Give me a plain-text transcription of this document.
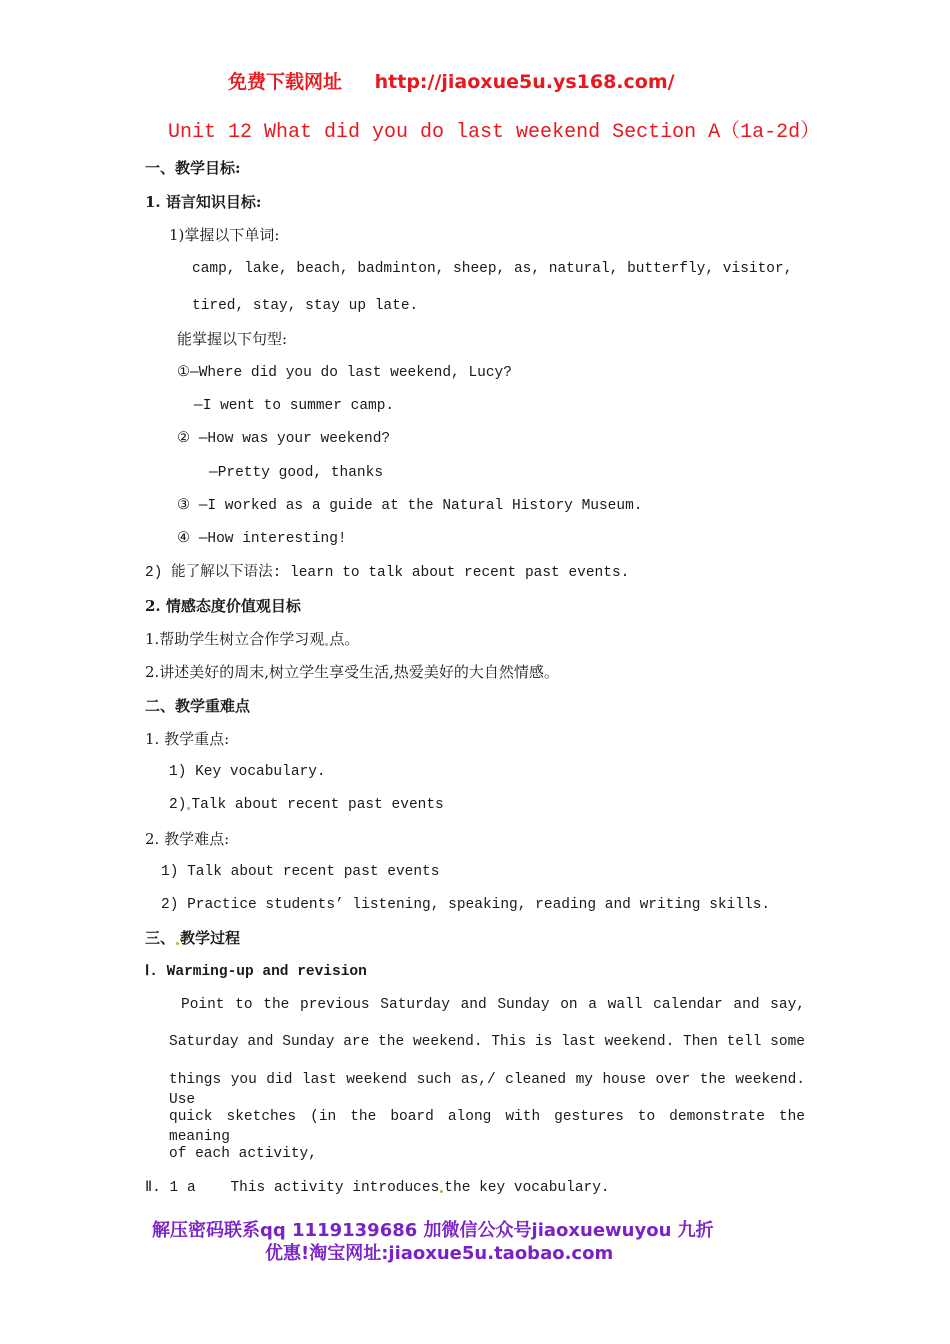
免费下载网址 http://jiaoxue5u.ys168.com/
Unit 12 What did you do last weekend Section A（1a-2d）
一、教学目标:
1. 语言知识目标:
1)掌握以下单词:
camp, lake, beach, badminton, sheep, as, natural, butterfly, visitor,
tired, stay, stay up late.
能掌握以下句型:
①—Where did you do last weekend, Lucy?
—I went to summer camp.
② —How was your weekend?
—Pretty good, thanks
③ —I worked as a guide at the Natural History Museum.
④ —How interesting!
2) 能了解以下语法: learn to talk about recent past events.
2. 情感态度价值观目标
1.帮助学生树立合作学习观 点。
2.讲述美好的周末,树立学生享受生活,热爱美好的大自然情感。
二、教学重难点
1. 教学重点:
1) Key vocabulary.
2) Talk about recent past events
2. 教学难点:
1) Talk about recent past events
2) Practice students’ listening, speaking, reading and writing skills.
三、 教学过程
Ⅰ. Warming-up and revision
Point to the previous Saturday and Sunday on a wall calendar and say,
Saturday and Sunday are the weekend. This is last weekend. Then tell some
things you did last weekend such as,/ cleaned my house over the weekend. Use
quick sketches (in the board along with gestures to demonstrate the meaning
of each activity,
Ⅱ. 1 a    This activity introduces the key vocabulary.
解压密码联系qq 1119139686 加微信公众号jiaoxuewuyou 九折
优惠!淘宝网址:jiaoxue5u.taobao.com
